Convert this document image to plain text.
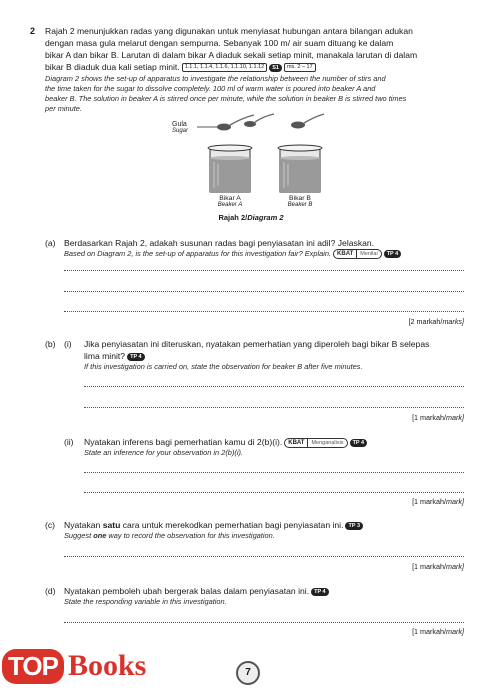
2 Rajah 2 menunjukkan radas yang digunakan untuk menyiasat hubungan antara bilangan adukan
dengan masa gula melarut dengan sempurna. Sebanyak 100 m/ air suam dituang ke dalam
bikar A dan bikar B. Larutan di dalam bikar A diaduk sekali setiap minit, manakala larutan di dalam
bikar B diaduk dua kali setiap minit. 1.1.1, 1.1.4, 1.1.6, 1.1.10, 1.1.12 S1 ms. 2 – 17
Diagram 2 shows the set-up of apparatus to investigate the relationship between the number of stirs and
the time taken for the sugar to dissolve completely. 100 ml of warm water is poured into beaker A and
beaker B. The solution in beaker A is stirred once per minute, while the solution in beaker B is stirred two times
per minute.
Gula
Sugar
Bikar A
Beaker A
Bikar B
Beaker B
Rajah 2/Diagram 2
(a) Berdasarkan Rajah 2, adakah susunan radas bagi penyiasatan ini adil? Jelaskan.
Based on Diagram 2, is the set-up of apparatus for this investigation fair? Explain.	KBAT	Menilai	TP 4
[2 markah/marks]
(b) (i) Jika penyiasatan ini diteruskan, nyatakan pemerhatian yang diperoleh bagi bikar B selepas
lima minit? TP 4
If this investigation is carried on, state the observation for beaker B after five minutes.
[1 markah/mark]
(ii) Nyatakan inferens bagi pemerhatian kamu di 2(b)(i).	KBAT	Menganalisis	TP 4
State an inference for your observation in 2(b)(i).
[1 markah/mark]
(c) Nyatakan satu cara untuk merekodkan pemerhatian bagi penyiasatan ini. TP 3
Suggest one way to record the observation for this investigation.
[1 markah/mark]
(d) Nyatakan pemboleh ubah bergerak balas dalam penyiasatan ini. TP 4
State the responding variable in this investigation.
[1 markah/mark]
7
TOP Books
